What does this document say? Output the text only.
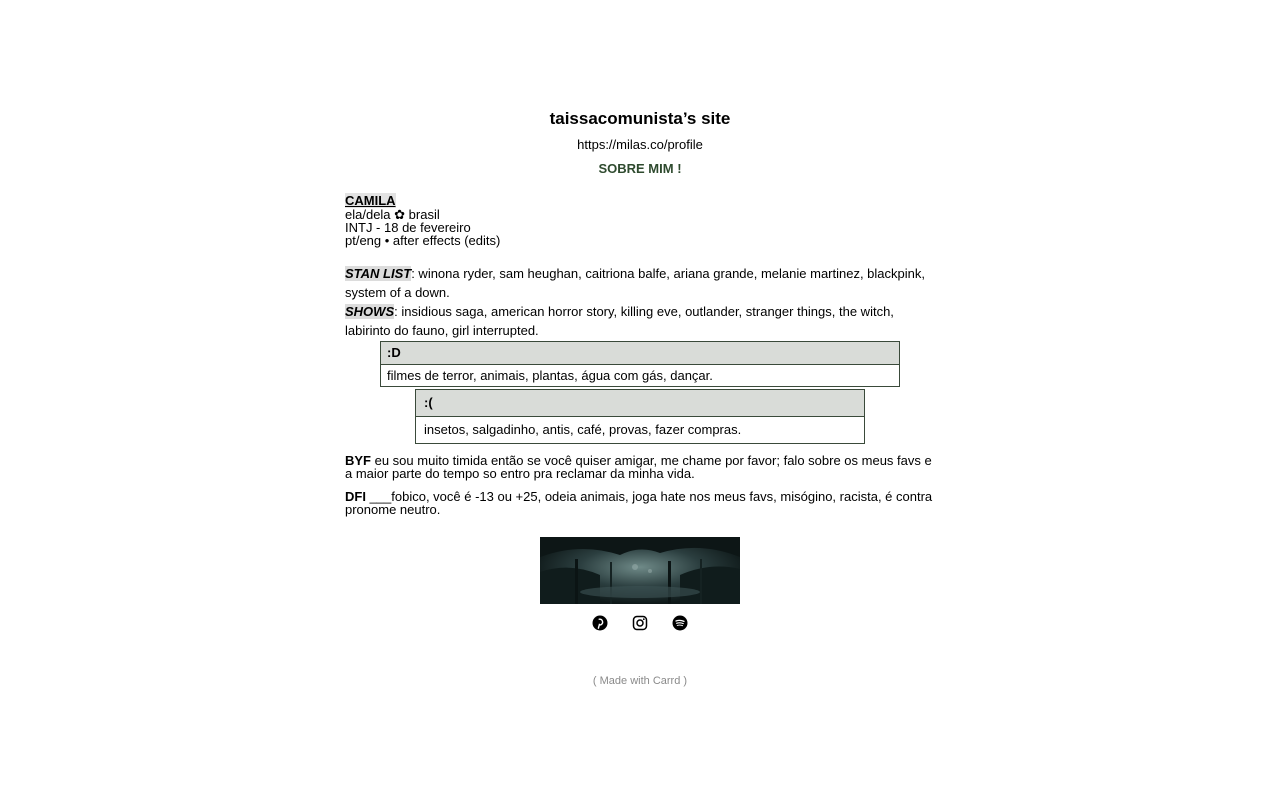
taissacomunista’s site
https://milas.co/profile
SOBRE MIM !
CAMILA
ela/dela ✿ brasil
INTJ - 18 de fevereiro
pt/eng • after effects (edits)
STAN LIST: winona ryder, sam heughan, caitriona balfe, ariana grande, melanie martinez, blackpink, system of a down.
SHOWS: insidious saga, american horror story, killing eve, outlander, stranger things, the witch, labirinto do fauno, girl interrupted.
:D
filmes de terror, animais, plantas, água com gás, dançar.
:(
insetos, salgadinho, antis, café, provas, fazer compras.
BYF eu sou muito timida então se você quiser amigar, me chame por favor; falo sobre os meus favs e a maior parte do tempo so entro pra reclamar da minha vida.
DFI ___fobico, você é -13 ou +25, odeia animais, joga hate nos meus favs, misógino, racista, é contra pronome neutro.

( Made with Carrd )
